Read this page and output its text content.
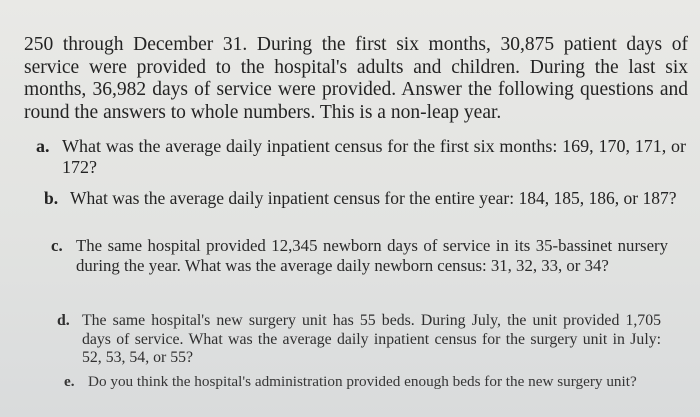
250 through December 31. During the first six months, 30,875 patient days of service were provided to the hospital's adults and children. During the last six months, 36,982 days of service were provided. Answer the following questions and round the answers to whole numbers. This is a non-leap year.

a. What was the average daily inpatient census for the first six months: 169, 170, 171, or 172?
b. What was the average daily inpatient census for the entire year: 184, 185, 186, or 187?
c. The same hospital provided 12,345 newborn days of service in its 35-bassinet nursery during the year. What was the average daily newborn census: 31, 32, 33, or 34?
d. The same hospital's new surgery unit has 55 beds. During July, the unit provided 1,705 days of service. What was the average daily inpatient census for the surgery unit in July: 52, 53, 54, or 55?
e. Do you think the hospital's administration provided enough beds for the new surgery unit?
